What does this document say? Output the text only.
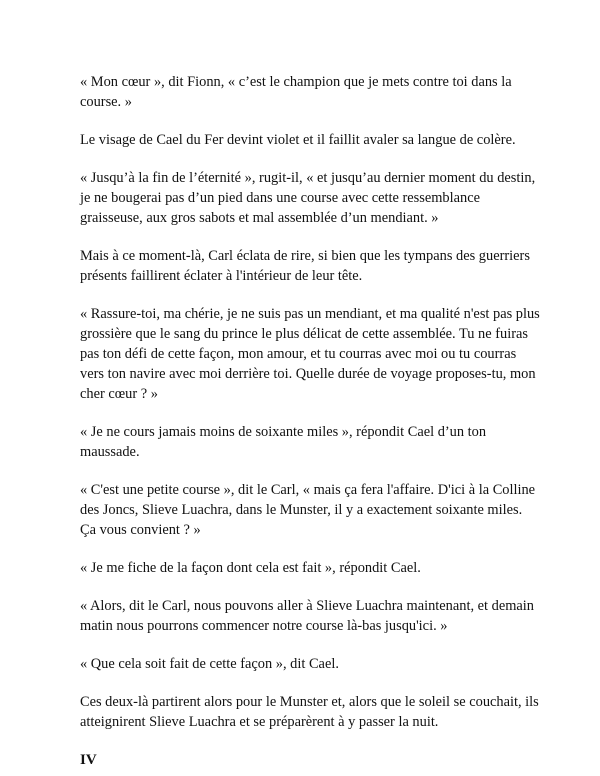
« Mon cœur », dit Fionn, « c’est le champion que je mets contre toi dans la course. »

Le visage de Cael du Fer devint violet et il faillit avaler sa langue de colère.

« Jusqu’à la fin de l’éternité », rugit-il, « et jusqu’au dernier moment du destin, je ne bougerai pas d’un pied dans une course avec cette ressemblance graisseuse, aux gros sabots et mal assemblée d’un mendiant. »

Mais à ce moment-là, Carl éclata de rire, si bien que les tympans des guerriers présents faillirent éclater à l'intérieur de leur tête.

« Rassure-toi, ma chérie, je ne suis pas un mendiant, et ma qualité n'est pas plus grossière que le sang du prince le plus délicat de cette assemblée. Tu ne fuiras pas ton défi de cette façon, mon amour, et tu courras avec moi ou tu courras vers ton navire avec moi derrière toi. Quelle durée de voyage proposes-tu, mon cher cœur ? »

« Je ne cours jamais moins de soixante miles », répondit Cael d’un ton maussade.

« C'est une petite course », dit le Carl, « mais ça fera l'affaire. D'ici à la Colline des Joncs, Slieve Luachra, dans le Munster, il y a exactement soixante miles. Ça vous convient ? »

« Je me fiche de la façon dont cela est fait », répondit Cael.

« Alors, dit le Carl, nous pouvons aller à Slieve Luachra maintenant, et demain matin nous pourrons commencer notre course là-bas jusqu'ici. »

« Que cela soit fait de cette façon », dit Cael.

Ces deux-là partirent alors pour le Munster et, alors que le soleil se couchait, ils atteignirent Slieve Luachra et se préparèrent à y passer la nuit.

IV
